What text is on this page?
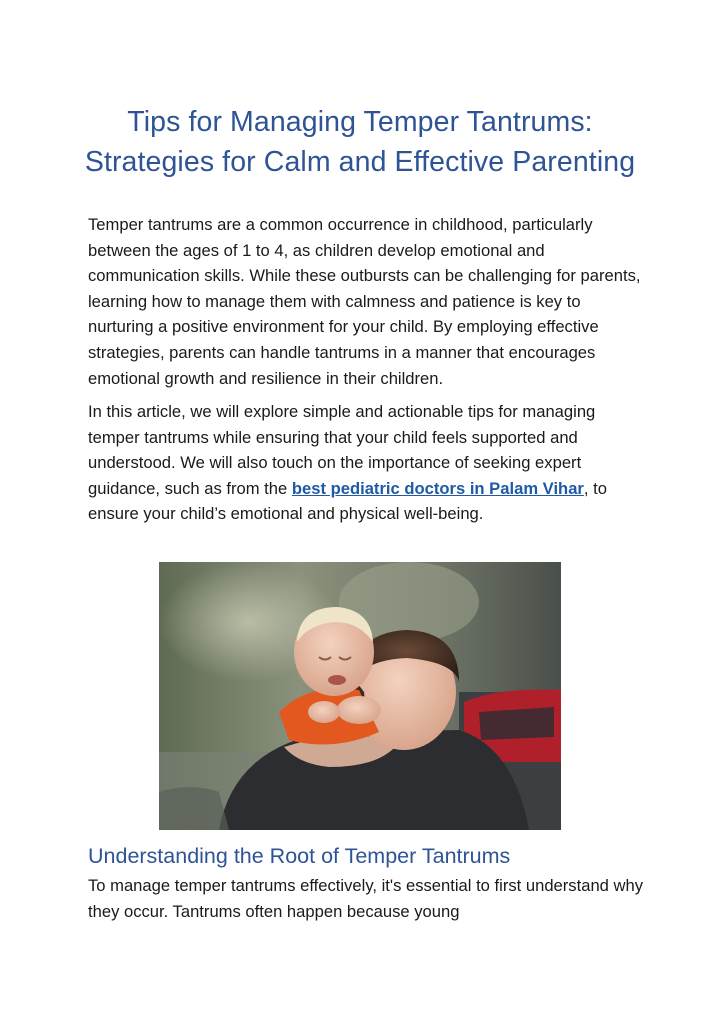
Tips for Managing Temper Tantrums:
Strategies for Calm and Effective Parenting

Temper tantrums are a common occurrence in childhood, particularly between the ages of 1 to 4, as children develop emotional and communication skills. While these outbursts can be challenging for parents, learning how to manage them with calmness and patience is key to nurturing a positive environment for your child. By employing effective strategies, parents can handle tantrums in a manner that encourages emotional growth and resilience in their children.

In this article, we will explore simple and actionable tips for managing temper tantrums while ensuring that your child feels supported and understood. We will also touch on the importance of seeking expert guidance, such as from the best pediatric doctors in Palam Vihar, to ensure your child’s emotional and physical well-being.

Understanding the Root of Temper Tantrums

To manage temper tantrums effectively, it's essential to first understand why they occur. Tantrums often happen because young
